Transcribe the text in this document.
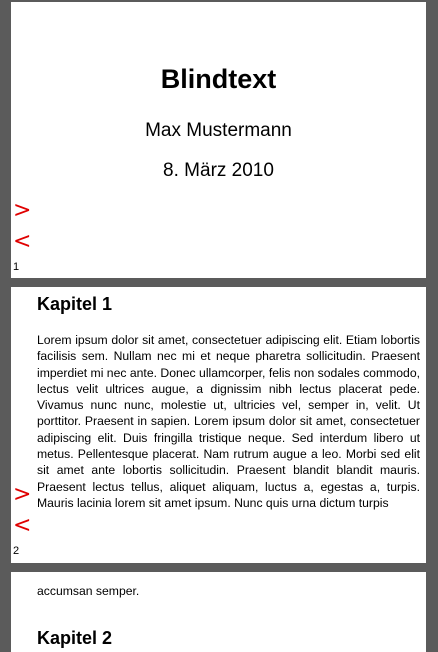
Blindtext
Max Mustermann
8. März 2010
>
<
1
Kapitel 1
Lorem ipsum dolor sit amet, consectetuer adipiscing elit. Etiam lobortis facilisis sem. Nullam nec mi et neque pharetra sollicitudin. Praesent imperdiet mi nec ante. Donec ullamcorper, felis non sodales commodo, lectus velit ultrices augue, a dignissim nibh lectus placerat pede. Vivamus nunc nunc, molestie ut, ultricies vel, semper in, velit. Ut porttitor. Praesent in sapien. Lorem ipsum dolor sit amet, consectetuer adipiscing elit. Duis fringilla tristique neque. Sed interdum libero ut metus. Pellentesque placerat. Nam rutrum augue a leo. Morbi sed elit sit amet ante lobortis sollicitudin. Praesent blandit blandit mauris. Praesent lectus tellus, aliquet aliquam, luctus a, egestas a, turpis. Mauris lacinia lorem sit amet ipsum. Nunc quis urna dictum turpis
>
<
2
accumsan semper.
Kapitel 2
